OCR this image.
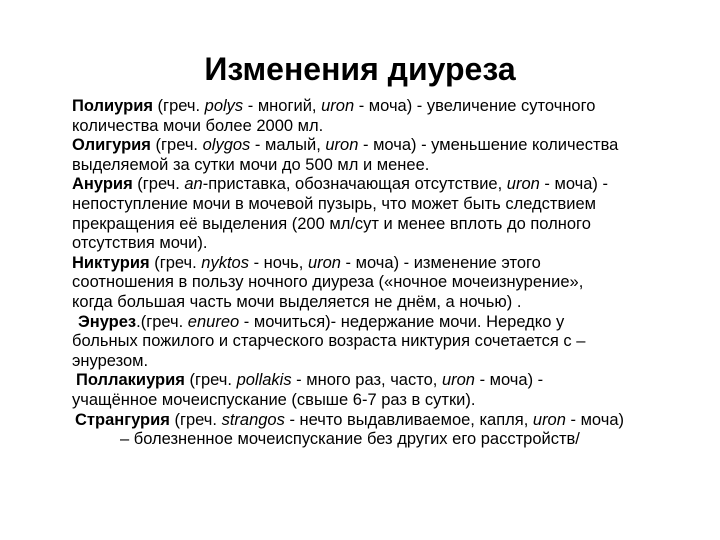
Изменения диуреза
Полиурия (греч. polys - многий, uron - моча) - увеличение суточного
количества мочи более 2000 мл.
Олигурия (греч. olygos - малый, uron - моча) - уменьшение количества
выделяемой за сутки мочи до 500 мл и менее.
Анурия (греч. an-приставка, обозначающая отсутствие, uron - моча) -
непоступление мочи в мочевой пузырь, что может быть следствием
прекращения её выделения (200 мл/сут и менее вплоть до полного
отсутствия мочи).
Никтурия (греч. nyktos - ночь, uron - моча) - изменение этого
соотношения в пользу ночного диуреза («ночное мочеизнурение»,
когда большая часть мочи выделяется не днём, а ночью) .
Энурез.(греч. enureo - мочиться)- недержание мочи. Нередко у
больных пожилого и старческого возраста никтурия сочетается с –
энурезом.
Поллакиурия (греч. pollakis - много раз, часто, uron - моча) -
учащённое мочеиспускание (свыше 6-7 раз в сутки).
Странгурия (греч. strangos - нечто выдавливаемое, капля, uron - моча)
– болезненное мочеиспускание без других его расстройств/
